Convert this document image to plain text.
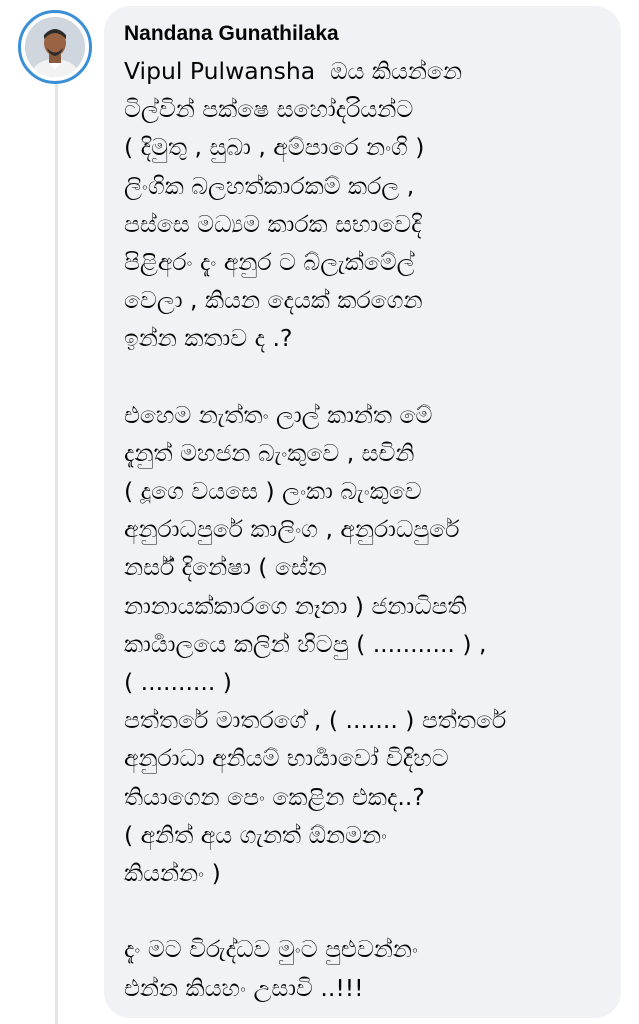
Nandana Gunathilaka
Vipul Pulwansha ඔය කියන්නෙ
ටිල්වින් පක්ෂෙ සහෝදරියන්ට
( දිමුතු , සුබා , අම්පාරෙ නංගි )
ලිංගික බලහත්කාරකම් කරල ,
පස්සෙ මධ්‍යම කාරක සභාවෙදි
පිළිඅරං දැං අනුර ට බ්ලැක්මේල්
වෙලා , කියන දෙයක් කරගෙන
ඉන්න කතාව ද .?
එහෙම නැත්තං ලාල් කාන්ත මේ
දැනුත් මහජන බැංකුවෙ , සචිනි
( දූගෙ වයසෙ ) ලංකා බැංකුවෙ
අනුරාධපුරේ කාලිංග , අනුරාධපුරේ
නර්ස් දිනේෂා ( සේන
නානායක්කාරගෙ නෑනා ) ජනාධිපති
කාර්‍යාලයෙ කලින් හිටපු ( ........... ) ,
( .......... )
පත්තරේ මාතරගේ , ( ....... ) පත්තරේ
අනුරාධා අනියම් භාර්‍යාවෝ විදිහට
තියාගෙන පෙං කෙළින එකද..?
( අනිත් අය ගැනත් ඕනමනං
කියන්නං )
දැං මට විරුද්ධව මුංට පුළුවන්නං
එන්න කියහං උසාවි ..!!!
